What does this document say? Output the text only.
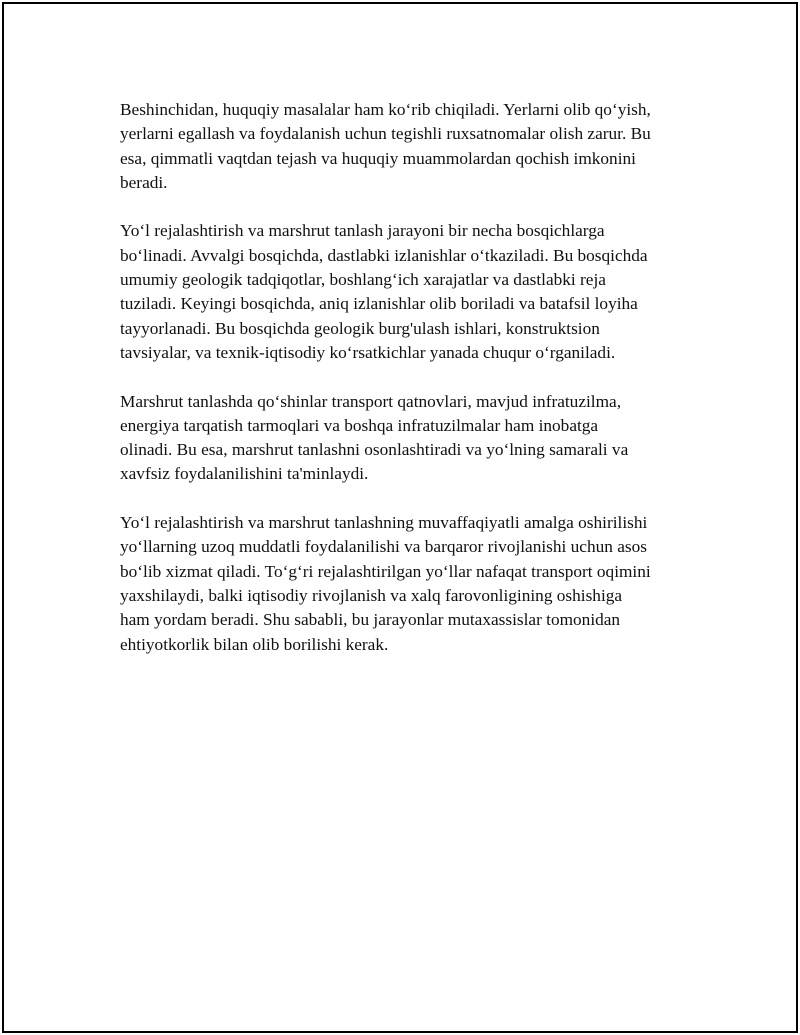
Beshinchidan, huquqiy masalalar ham ko‘rib chiqiladi. Yerlarni olib qo‘yish,
yerlarni egallash va foydalanish uchun tegishli ruxsatnomalar olish zarur. Bu
esa, qimmatli vaqtdan tejash va huquqiy muammolardan qochish imkonini
beradi.

Yo‘l rejalashtirish va marshrut tanlash jarayoni bir necha bosqichlarga
bo‘linadi. Avvalgi bosqichda, dastlabki izlanishlar o‘tkaziladi. Bu bosqichda
umumiy geologik tadqiqotlar, boshlang‘ich xarajatlar va dastlabki reja
tuziladi. Keyingi bosqichda, aniq izlanishlar olib boriladi va batafsil loyiha
tayyorlanadi. Bu bosqichda geologik burg'ulash ishlari, konstruktsion
tavsiyalar, va texnik-iqtisodiy ko‘rsatkichlar yanada chuqur o‘rganiladi.

Marshrut tanlashda qo‘shinlar transport qatnovlari, mavjud infratuzilma,
energiya tarqatish tarmoqlari va boshqa infratuzilmalar ham inobatga
olinadi. Bu esa, marshrut tanlashni osonlashtiradi va yo‘lning samarali va
xavfsiz foydalanilishini ta'minlaydi.

Yo‘l rejalashtirish va marshrut tanlashning muvaffaqiyatli amalga oshirilishi
yo‘llarning uzoq muddatli foydalanilishi va barqaror rivojlanishi uchun asos
bo‘lib xizmat qiladi. To‘g‘ri rejalashtirilgan yo‘llar nafaqat transport oqimini
yaxshilaydi, balki iqtisodiy rivojlanish va xalq farovonligining oshishiga
ham yordam beradi. Shu sababli, bu jarayonlar mutaxassislar tomonidan
ehtiyotkorlik bilan olib borilishi kerak.
